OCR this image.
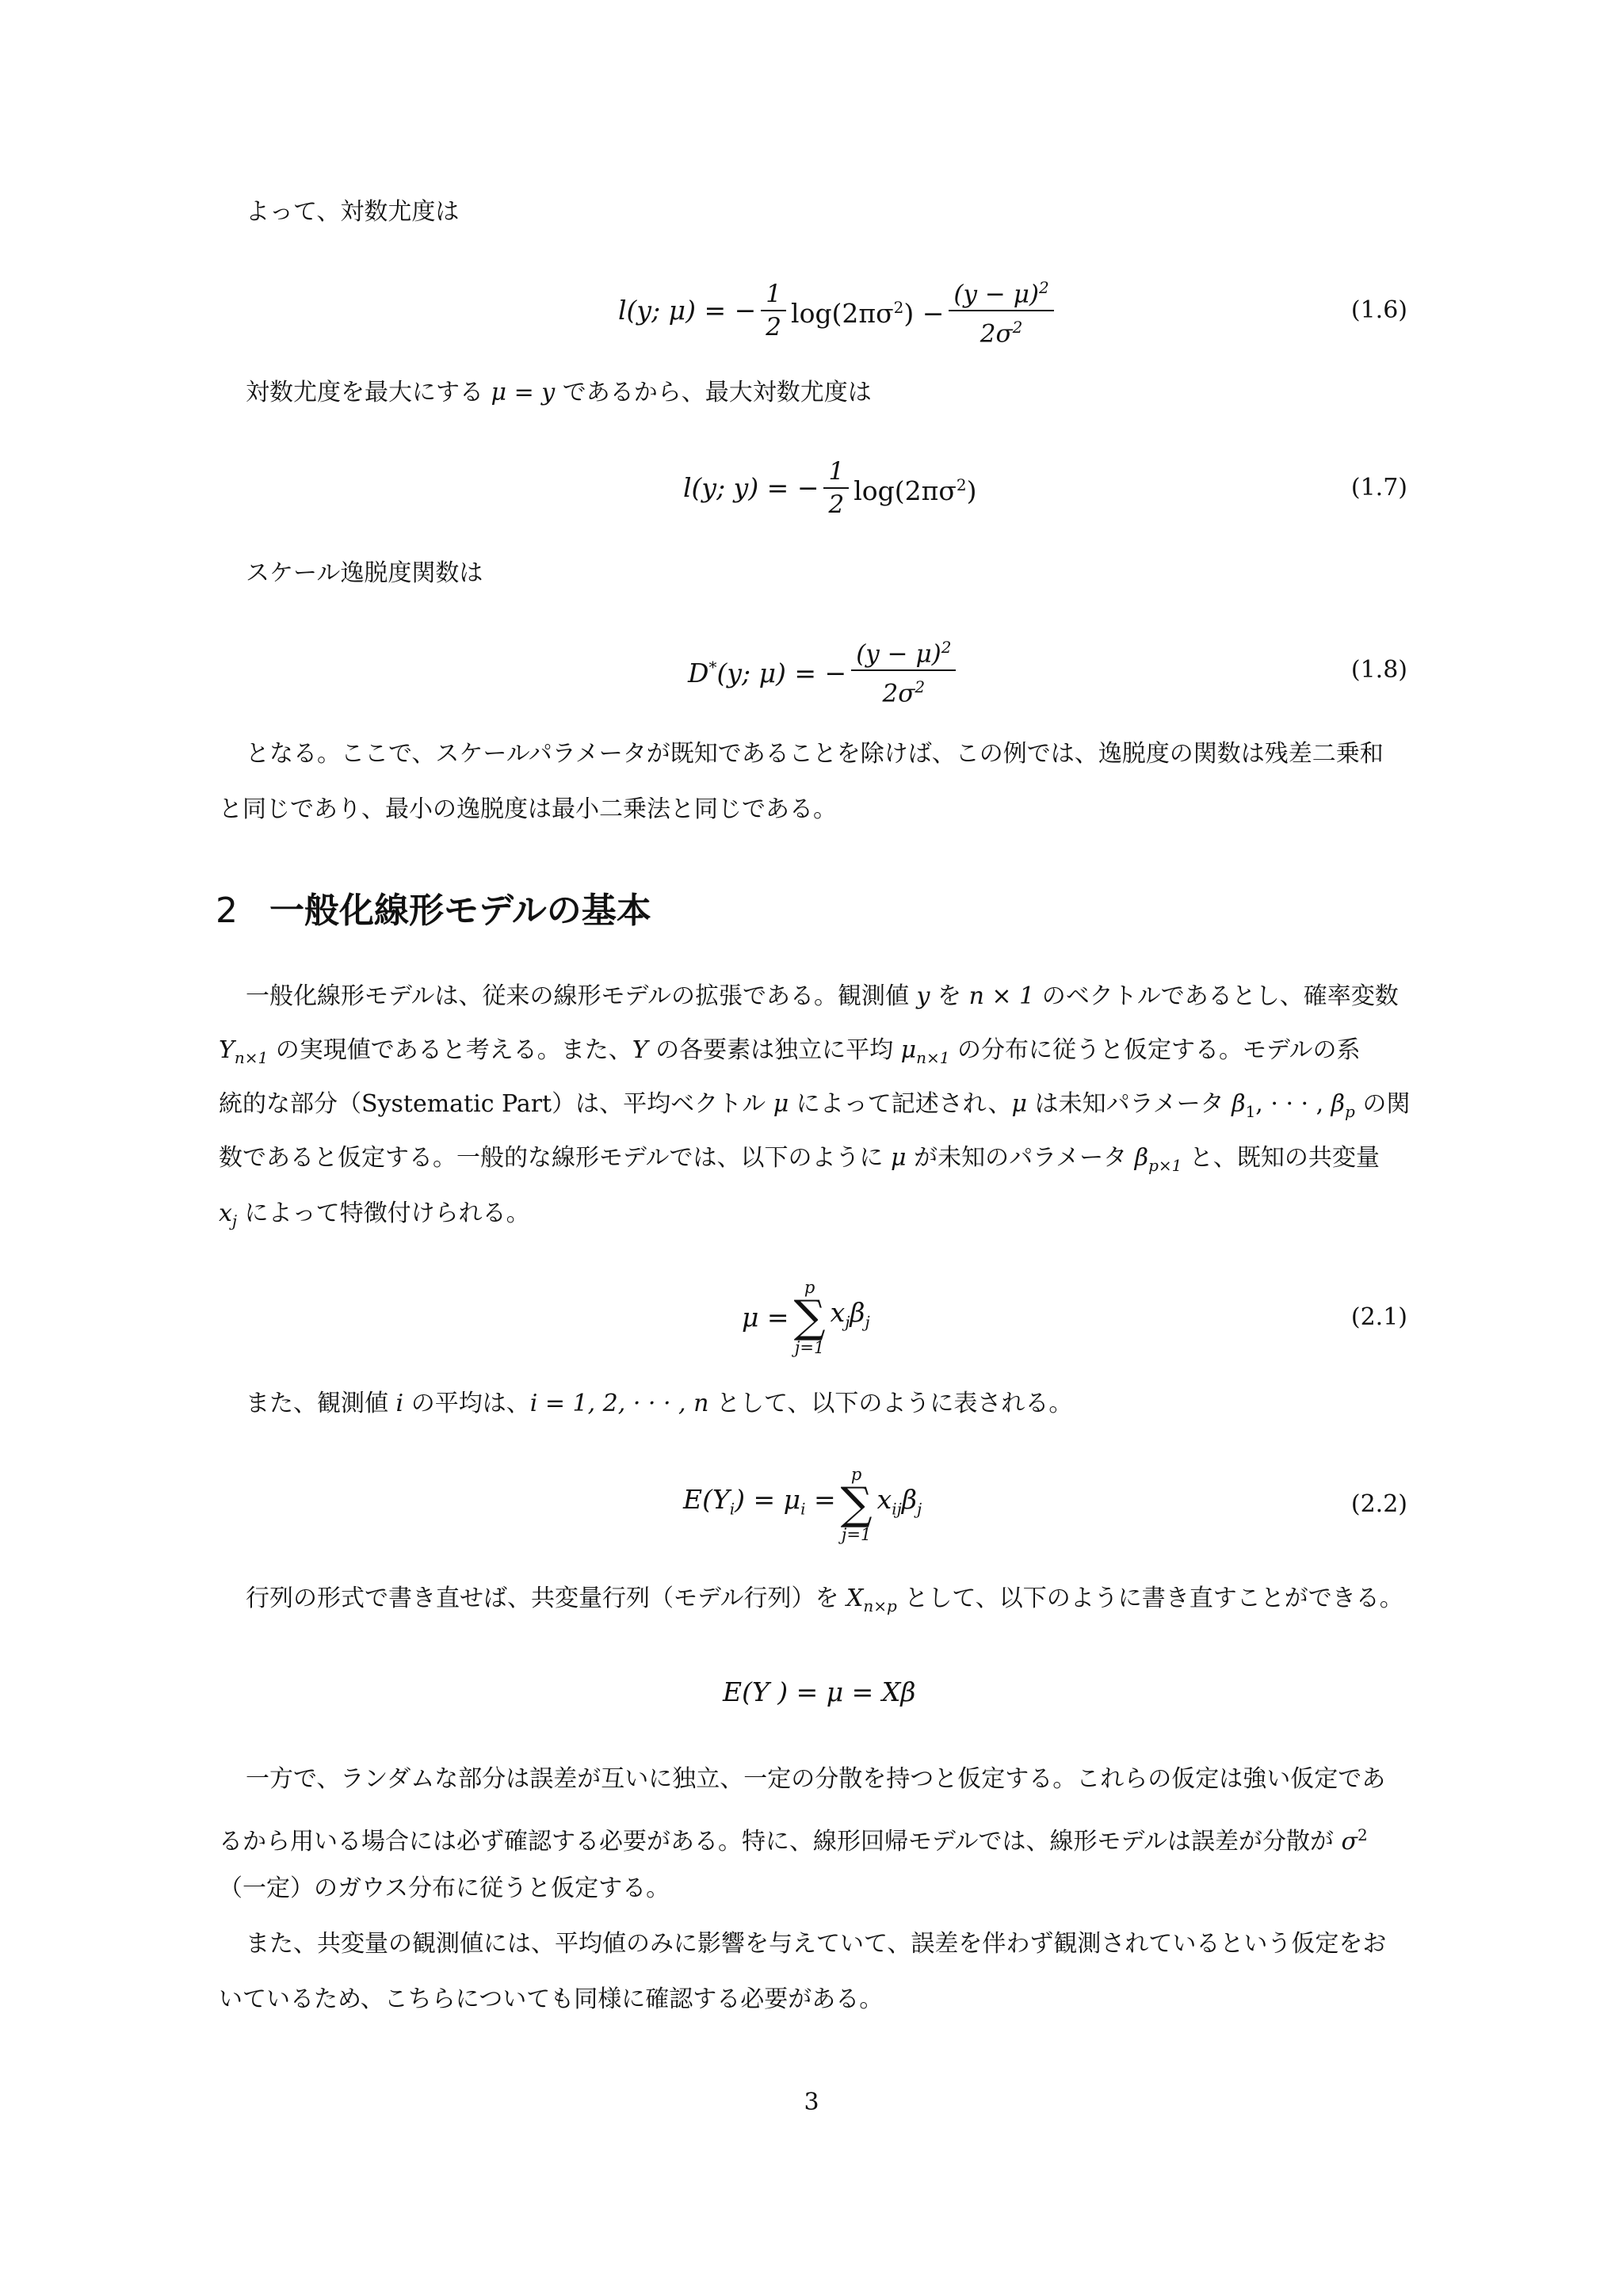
よって、対数尤度は
l(y; μ) = − $\frac{1}{2} \log(2\pi\sigma^2) - \frac{(y - \mu)^2}{2\sigma^2}$	(1.6)
対数尤度を最大にする μ = y であるから、最大対数尤度は
l(y; y) = − $\frac{1}{2} \log(2\pi\sigma^2)$	(1.7)
スケール逸脱度関数は
D*(y; μ) = − $\frac{(y - \mu)^2}{2\sigma^2}$	(1.8)
となる。ここで、スケールパラメータが既知であることを除けば、この例では、逸脱度の関数は残差二乗和
と同じであり、最小の逸脱度は最小二乗法と同じである。
2 一般化線形モデルの基本
一般化線形モデルは、従来の線形モデルの拡張である。観測値 y を n × 1 のベクトルであるとし、確率変数
$Y_{n\times 1}$ の実現値であると考える。また、Y の各要素は独立に平均 $\mu_{n\times 1}$ の分布に従うと仮定する。モデルの系
統的な部分（Systematic Part）は、平均ベクトル μ によって記述され、μ は未知パラメータ $\beta_1$, · · · , $\beta_p$ の関
数であると仮定する。一般的な線形モデルでは、以下のように μ が未知のパラメータ $\beta_{p\times 1}$ と、既知の共変量
$x_j$ によって特徴付けられる。
μ =
p
∑
j=1
$x_j\beta_j$	(2.1)
また、観測値 i の平均は、i = 1, 2, · · · , n として、以下のように表される。
$E(Y_i) = \mu_i$ =
p
∑
j=1
$x_{ij}\beta_j$	(2.2)
行列の形式で書き直せば、共変量行列（モデル行列）を $X_{n\times p}$ として、以下のように書き直すことができる。
E(Y ) = μ = Xβ
一方で、ランダムな部分は誤差が互いに独立、一定の分散を持つと仮定する。これらの仮定は強い仮定であ
るから用いる場合には必ず確認する必要がある。特に、線形回帰モデルでは、線形モデルは誤差が分散が $\sigma^2$
（一定）のガウス分布に従うと仮定する。
また、共変量の観測値には、平均値のみに影響を与えていて、誤差を伴わず観測されているという仮定をお
いているため、こちらについても同様に確認する必要がある。
3
